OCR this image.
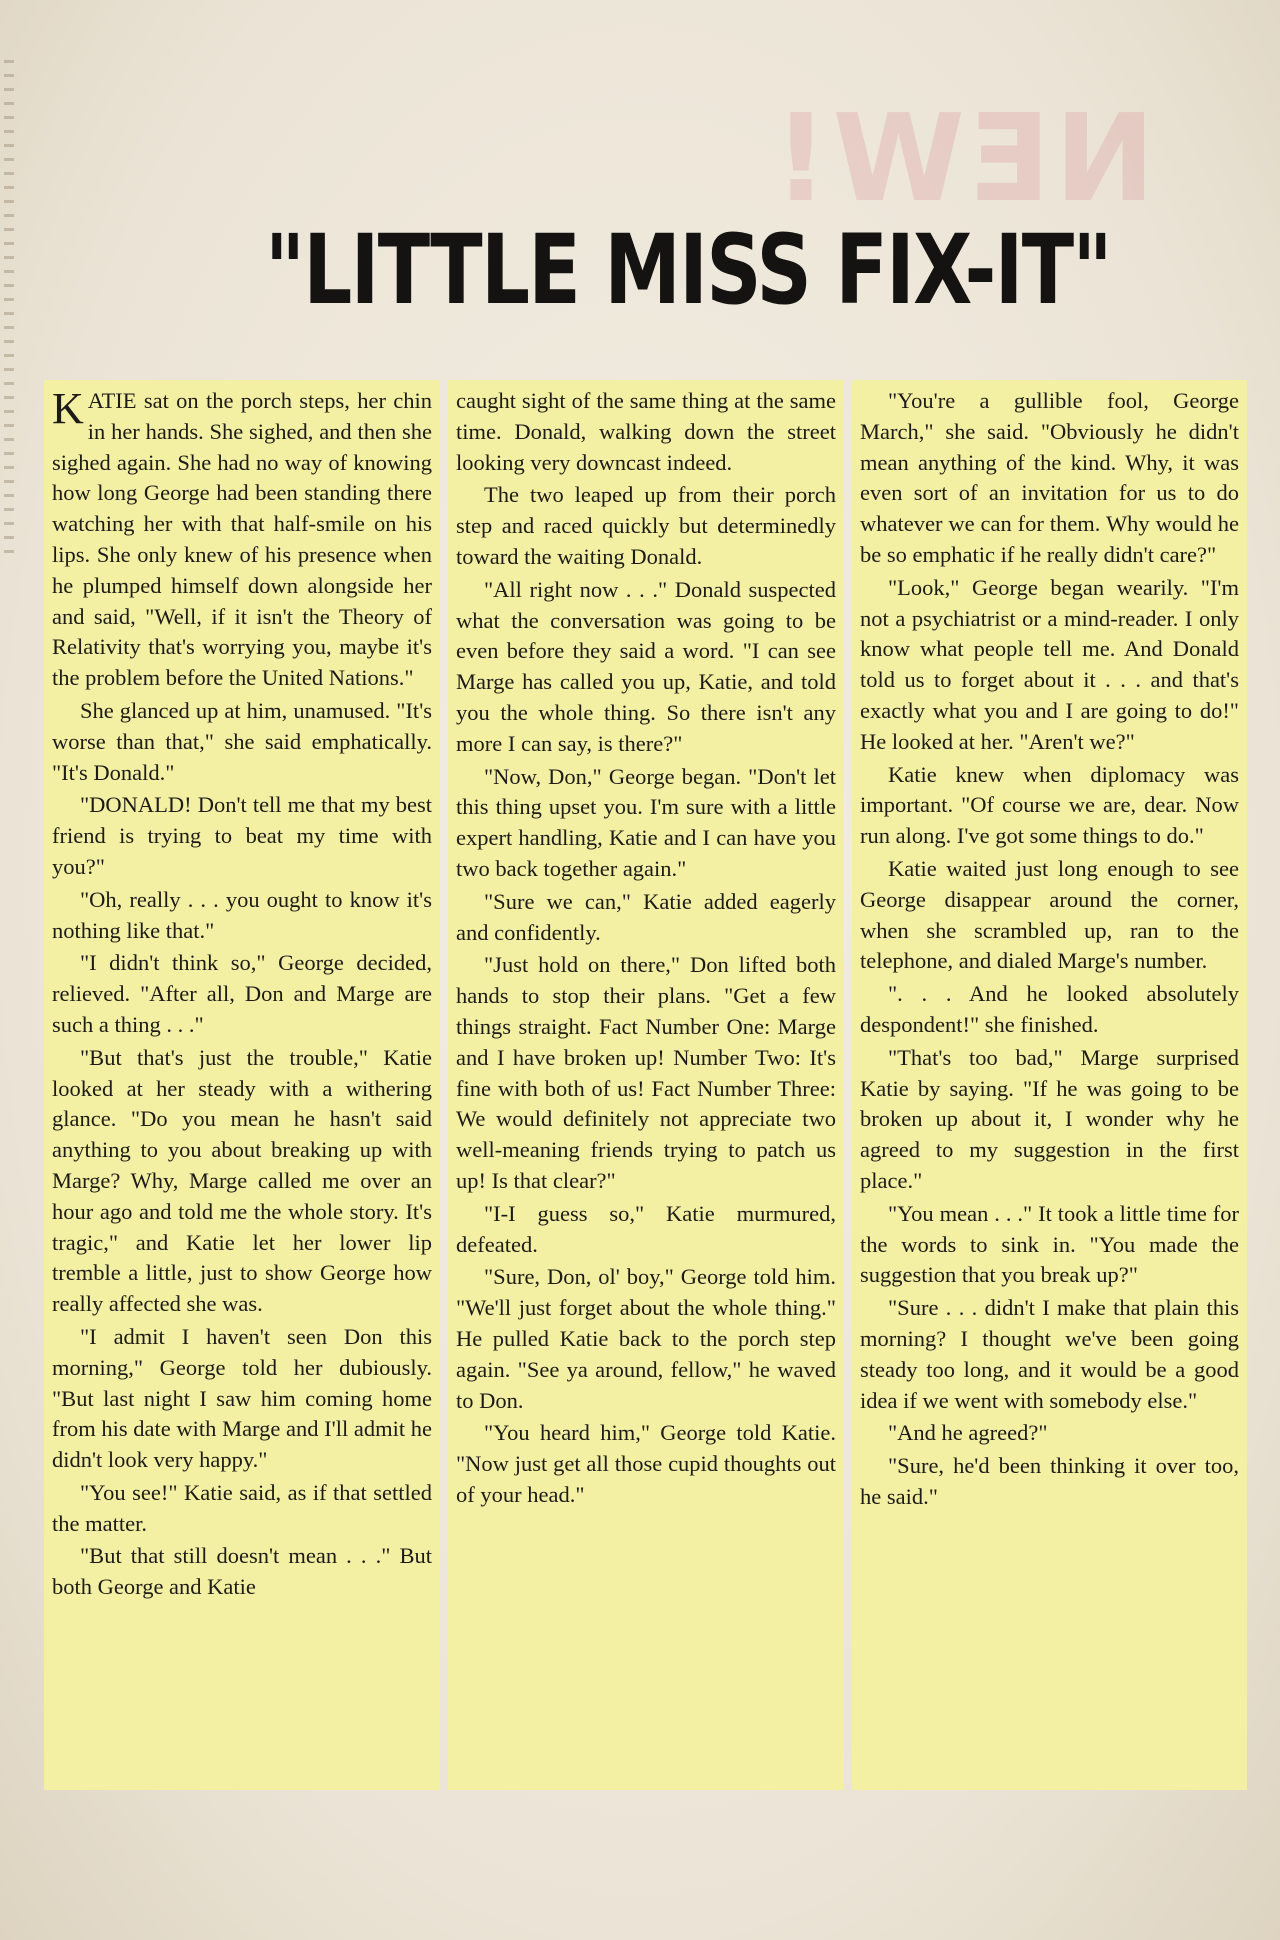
NEW!
"LITTLE MISS FIX-IT"

KATIE sat on the porch steps, her chin in her hands. She sighed, and then she sighed again. She had no way of knowing how long George had been standing there watching her with that half-smile on his lips. She only knew of his presence when he plumped himself down alongside her and said, "Well, if it isn't the Theory of Relativity that's worrying you, maybe it's the problem before the United Nations."

She glanced up at him, unamused. "It's worse than that," she said emphatically. "It's Donald."

"DONALD! Don't tell me that my best friend is trying to beat my time with you?"

"Oh, really . . . you ought to know it's nothing like that."

"I didn't think so," George decided, relieved. "After all, Don and Marge are such a thing . . ."

"But that's just the trouble," Katie looked at her steady with a withering glance. "Do you mean he hasn't said anything to you about breaking up with Marge? Why, Marge called me over an hour ago and told me the whole story. It's tragic," and Katie let her lower lip tremble a little, just to show George how really affected she was.

"I admit I haven't seen Don this morning," George told her dubiously. "But last night I saw him coming home from his date with Marge and I'll admit he didn't look very happy."

"You see!" Katie said, as if that settled the matter.

"But that still doesn't mean . . ." But both George and Katie

caught sight of the same thing at the same time. Donald, walking down the street looking very downcast indeed.

The two leaped up from their porch step and raced quickly but determinedly toward the waiting Donald.

"All right now . . ." Donald suspected what the conversation was going to be even before they said a word. "I can see Marge has called you up, Katie, and told you the whole thing. So there isn't any more I can say, is there?"

"Now, Don," George began. "Don't let this thing upset you. I'm sure with a little expert handling, Katie and I can have you two back together again."

"Sure we can," Katie added eagerly and confidently.

"Just hold on there," Don lifted both hands to stop their plans. "Get a few things straight. Fact Number One: Marge and I have broken up! Number Two: It's fine with both of us! Fact Number Three: We would definitely not appreciate two well-meaning friends trying to patch us up! Is that clear?"

"I-I guess so," Katie murmured, defeated.

"Sure, Don, ol' boy," George told him. "We'll just forget about the whole thing." He pulled Katie back to the porch step again. "See ya around, fellow," he waved to Don.

"You heard him," George told Katie. "Now just get all those cupid thoughts out of your head."

"You're a gullible fool, George March," she said. "Obviously he didn't mean anything of the kind. Why, it was even sort of an invitation for us to do whatever we can for them. Why would he be so emphatic if he really didn't care?"

"Look," George began wearily. "I'm not a psychiatrist or a mind-reader. I only know what people tell me. And Donald told us to forget about it . . . and that's exactly what you and I are going to do!" He looked at her. "Aren't we?"

Katie knew when diplomacy was important. "Of course we are, dear. Now run along. I've got some things to do."

Katie waited just long enough to see George disappear around the corner, when she scrambled up, ran to the telephone, and dialed Marge's number.

". . . And he looked absolutely despondent!" she finished.

"That's too bad," Marge surprised Katie by saying. "If he was going to be broken up about it, I wonder why he agreed to my suggestion in the first place."

"You mean . . ." It took a little time for the words to sink in. "You made the suggestion that you break up?"

"Sure . . . didn't I make that plain this morning? I thought we've been going steady too long, and it would be a good idea if we went with somebody else."

"And he agreed?"

"Sure, he'd been thinking it over too, he said."
